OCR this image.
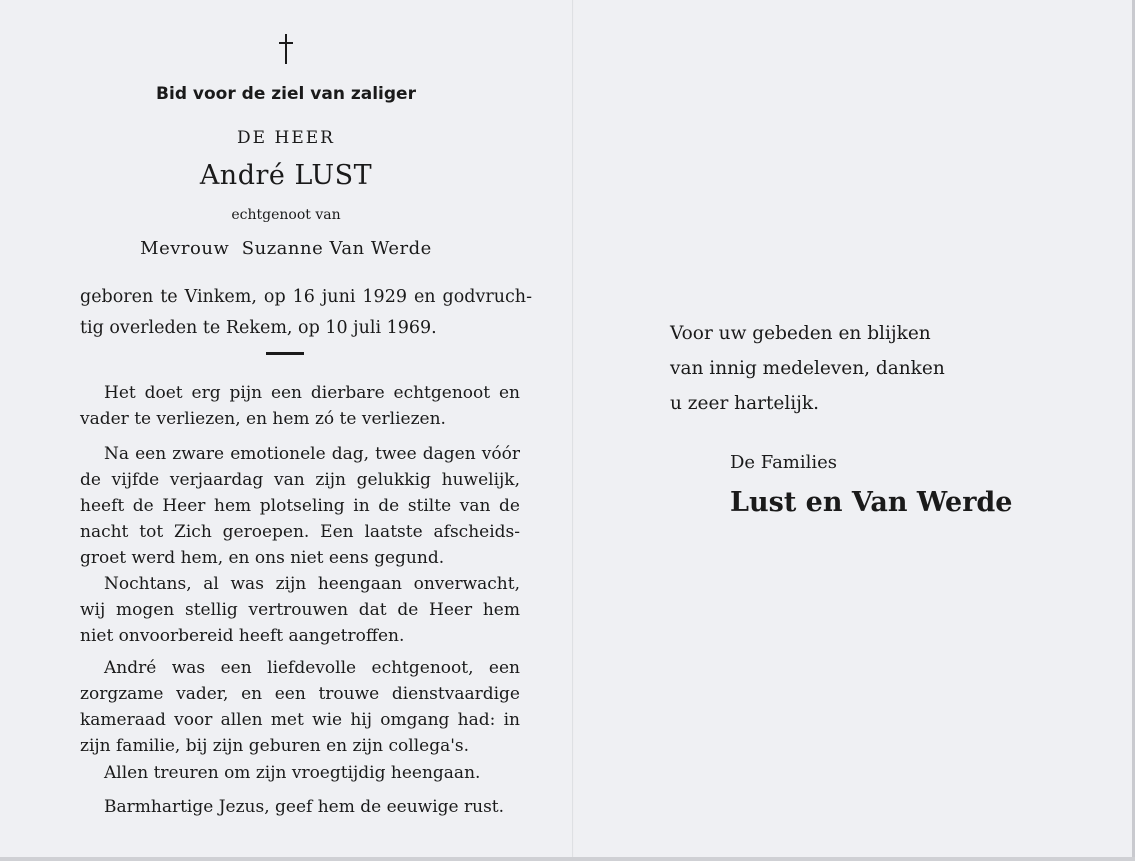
Bid voor de ziel van zaliger
DE HEER
André LUST
echtgenoot van
Mevrouw  Suzanne Van Werde
geboren te Vinkem, op 16 juni 1929 en godvruch-
tig overleden te Rekem, op 10 juli 1969.
Het doet erg pijn een dierbare echtgenoot en
vader te verliezen, en hem zó te verliezen.
Na een zware emotionele dag, twee dagen vóór
de vijfde verjaardag van zijn gelukkig huwelijk,
heeft de Heer hem plotseling in de stilte van de
nacht tot Zich geroepen. Een laatste afscheids-
groet werd hem, en ons niet eens gegund.
Nochtans, al was zijn heengaan onverwacht,
wij mogen stellig vertrouwen dat de Heer hem
niet onvoorbereid heeft aangetroffen.
André was een liefdevolle echtgenoot, een
zorgzame vader, en een trouwe dienstvaardige
kameraad voor allen met wie hij omgang had: in
zijn familie, bij zijn geburen en zijn collega's.
Allen treuren om zijn vroegtijdig heengaan.
Barmhartige Jezus, geef hem de eeuwige rust.
Voor uw gebeden en blijken
van innig medeleven, danken
u zeer hartelijk.
De Families
Lust en Van Werde
